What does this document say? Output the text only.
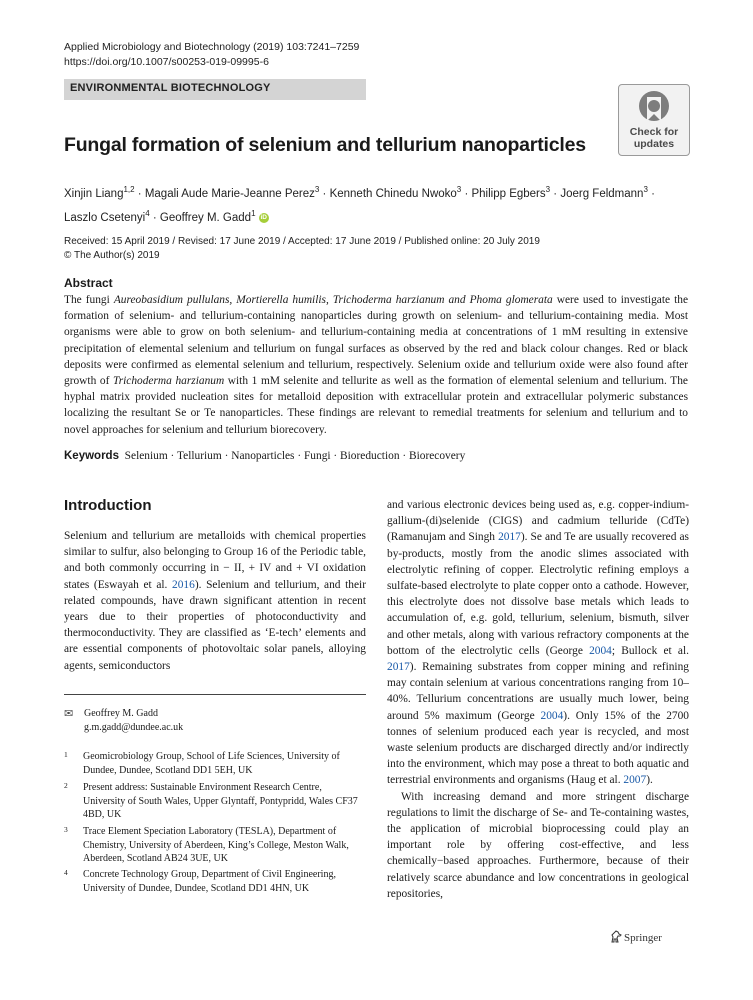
Applied Microbiology and Biotechnology (2019) 103:7241–7259
https://doi.org/10.1007/s00253-019-09995-6
ENVIRONMENTAL BIOTECHNOLOGY
Check for
updates
Fungal formation of selenium and tellurium nanoparticles
Xinjin Liang$^{1,2}$ · Magali Aude Marie-Jeanne Perez$^3$ · Kenneth Chinedu Nwoko$^3$ · Philipp Egbers$^3$ · Joerg Feldmann$^3$ ·
Laszlo Csetenyi$^4$ · Geoffrey M. Gadd$^1$ iD
Received: 15 April 2019 / Revised: 17 June 2019 / Accepted: 17 June 2019 / Published online: 20 July 2019
© The Author(s) 2019
Abstract
The fungi Aureobasidium pullulans, Mortierella humilis, Trichoderma harzianum and Phoma glomerata were used to investigate the formation of selenium- and tellurium-containing nanoparticles during growth on selenium- and tellurium-containing media. Most organisms were able to grow on both selenium- and tellurium-containing media at concentrations of 1 mM resulting in extensive precipitation of elemental selenium and tellurium on fungal surfaces as observed by the red and black colour changes. Red or black deposits were confirmed as elemental selenium and tellurium, respectively. Selenium oxide and tellurium oxide were also found after growth of Trichoderma harzianum with 1 mM selenite and tellurite as well as the formation of elemental selenium and tellurium. The hyphal matrix provided nucleation sites for metalloid deposition with extracellular protein and extracellular polymeric substances localizing the resultant Se or Te nanoparticles. These findings are relevant to remedial treatments for selenium and tellurium and to novel approaches for selenium and tellurium biorecovery.
Keywords Selenium · Tellurium · Nanoparticles · Fungi · Bioreduction · Biorecovery
Introduction

Selenium and tellurium are metalloids with chemical properties similar to sulfur, also belonging to Group 16 of the Periodic table, and both commonly occurring in − II, + IV and + VI oxidation states (Eswayah et al. 2016). Selenium and tellurium, and their related compounds, have drawn significant attention in recent years due to their properties of photoconductivity and thermoconductivity. They are classified as ‘E-tech’ elements and are essential components of photovoltaic solar panels, alloying agents, semiconductors

and various electronic devices being used as, e.g. copper-indium-gallium-(di)selenide (CIGS) and cadmium telluride (CdTe) (Ramanujam and Singh 2017). Se and Te are usually recovered as by-products, mostly from the anodic slimes associated with electrolytic refining of copper. Electrolytic refining employs a sulfate-based electrolyte to plate copper onto a cathode. However, this electrolyte does not dissolve base metals which leads to accumulation of, e.g. gold, tellurium, selenium, bismuth, silver and other metals, along with various refractory components at the bottom of the electrolytic cells (George 2004; Bullock et al. 2017). Remaining substrates from copper mining and refining may contain selenium at various concentrations ranging from 10–40%. Tellurium concentrations are usually much lower, being around 5% maximum (George 2004). Only 15% of the 2700 tonnes of selenium produced each year is recycled, and most waste selenium products are discharged directly and/or indirectly into the environment, which may pose a threat to both aquatic and terrestrial environments and organisms (Haug et al. 2007).

With increasing demand and more stringent discharge regulations to limit the discharge of Se- and Te-containing wastes, the application of microbial bioprocessing could play an important role by offering cost-effective, and less chemically−based approaches. Furthermore, because of their relatively scarce abundance and low concentrations in geological repositories,

✉ Geoffrey M. Gadd
g.m.gadd@dundee.ac.uk
1 Geomicrobiology Group, School of Life Sciences, University of Dundee, Dundee, Scotland DD1 5EH, UK
2 Present address: Sustainable Environment Research Centre, University of South Wales, Upper Glyntaff, Pontypridd, Wales CF37 4BD, UK
3 Trace Element Speciation Laboratory (TESLA), Department of Chemistry, University of Aberdeen, King’s College, Meston Walk, Aberdeen, Scotland AB24 3UE, UK
4 Concrete Technology Group, Department of Civil Engineering, University of Dundee, Dundee, Scotland DD1 4HN, UK
Springer
